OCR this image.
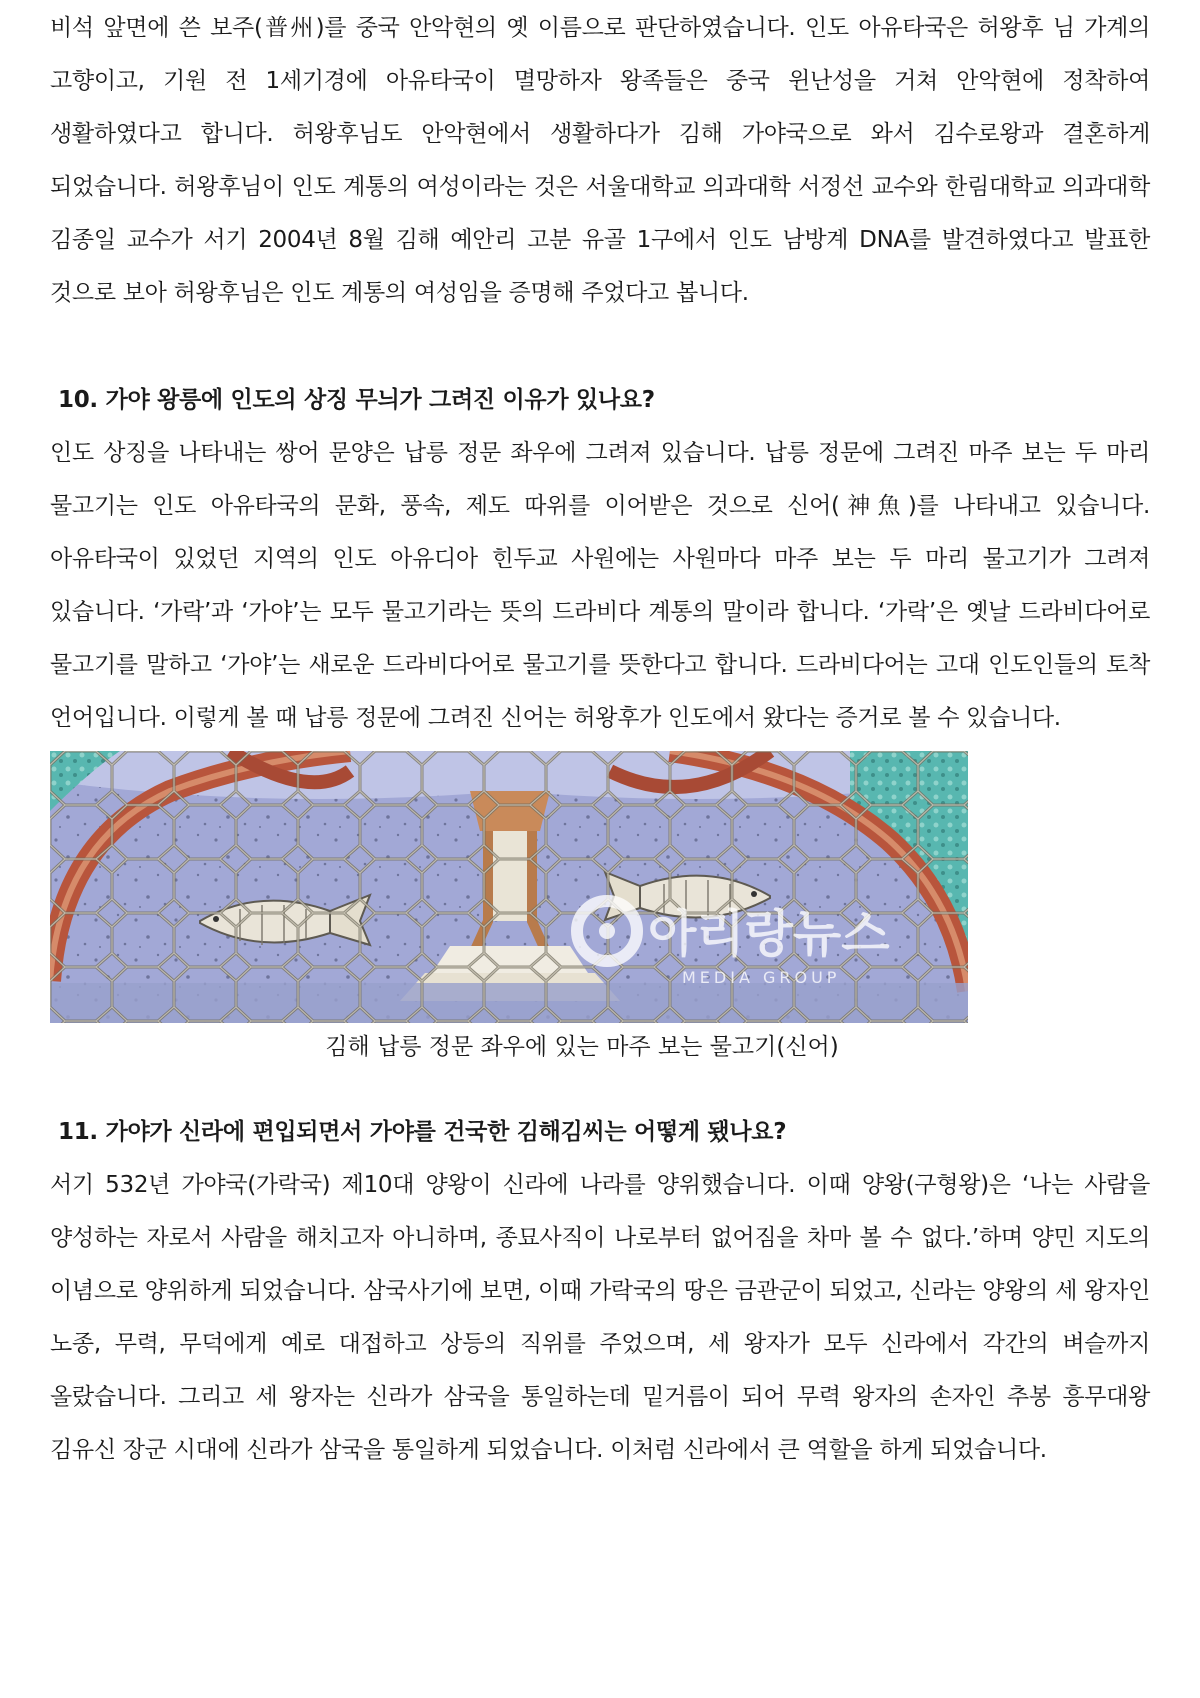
비석 앞면에 쓴 보주(普州)를 중국 안악현의 옛 이름으로 판단하였습니다. 인도 아유타국은 허왕후 님 가계의 고향이고, 기원 전 1세기경에 아유타국이 멸망하자 왕족들은 중국 윈난성을 거쳐 안악현에 정착하여 생활하였다고 합니다. 허왕후님도 안악현에서 생활하다가 김해 가야국으로 와서 김수로왕과 결혼하게 되었습니다. 허왕후님이 인도 계통의 여성이라는 것은 서울대학교 의과대학 서정선 교수와 한림대학교 의과대학 김종일 교수가 서기 2004년 8월 김해 예안리 고분 유골 1구에서 인도 남방계 DNA를 발견하였다고 발표한 것으로 보아 허왕후님은 인도 계통의 여성임을 증명해 주었다고 봅니다.

10. 가야 왕릉에 인도의 상징 무늬가 그려진 이유가 있나요?

인도 상징을 나타내는 쌍어 문양은 납릉 정문 좌우에 그려져 있습니다. 납릉 정문에 그려진 마주 보는 두 마리 물고기는 인도 아유타국의 문화, 풍속, 제도 따위를 이어받은 것으로 신어(神魚)를 나타내고 있습니다. 아유타국이 있었던 지역의 인도 아유디아 힌두교 사원에는 사원마다 마주 보는 두 마리 물고기가 그려져 있습니다. ‘가락’과 ‘가야’는 모두 물고기라는 뜻의 드라비다 계통의 말이라 합니다. ‘가락’은 옛날 드라비다어로 물고기를 말하고 ‘가야’는 새로운 드라비다어로 물고기를 뜻한다고 합니다. 드라비다어는 고대 인도인들의 토착 언어입니다. 이렇게 볼 때 납릉 정문에 그려진 신어는 허왕후가 인도에서 왔다는 증거로 볼 수 있습니다.

아리랑뉴스
MEDIA GROUP
김해 납릉 정문 좌우에 있는 마주 보는 물고기(신어)
11. 가야가 신라에 편입되면서 가야를 건국한 김해김씨는 어떻게 됐나요?

서기 532년 가야국(가락국) 제10대 양왕이 신라에 나라를 양위했습니다. 이때 양왕(구형왕)은 ‘나는 사람을 양성하는 자로서 사람을 해치고자 아니하며, 종묘사직이 나로부터 없어짐을 차마 볼 수 없다.’하며 양민 지도의 이념으로 양위하게 되었습니다. 삼국사기에 보면, 이때 가락국의 땅은 금관군이 되었고, 신라는 양왕의 세 왕자인 노종, 무력, 무덕에게 예로 대접하고 상등의 직위를 주었으며, 세 왕자가 모두 신라에서 각간의 벼슬까지 올랐습니다. 그리고 세 왕자는 신라가 삼국을 통일하는데 밑거름이 되어 무력 왕자의 손자인 추봉 흥무대왕 김유신 장군 시대에 신라가 삼국을 통일하게 되었습니다. 이처럼 신라에서 큰 역할을 하게 되었습니다.
